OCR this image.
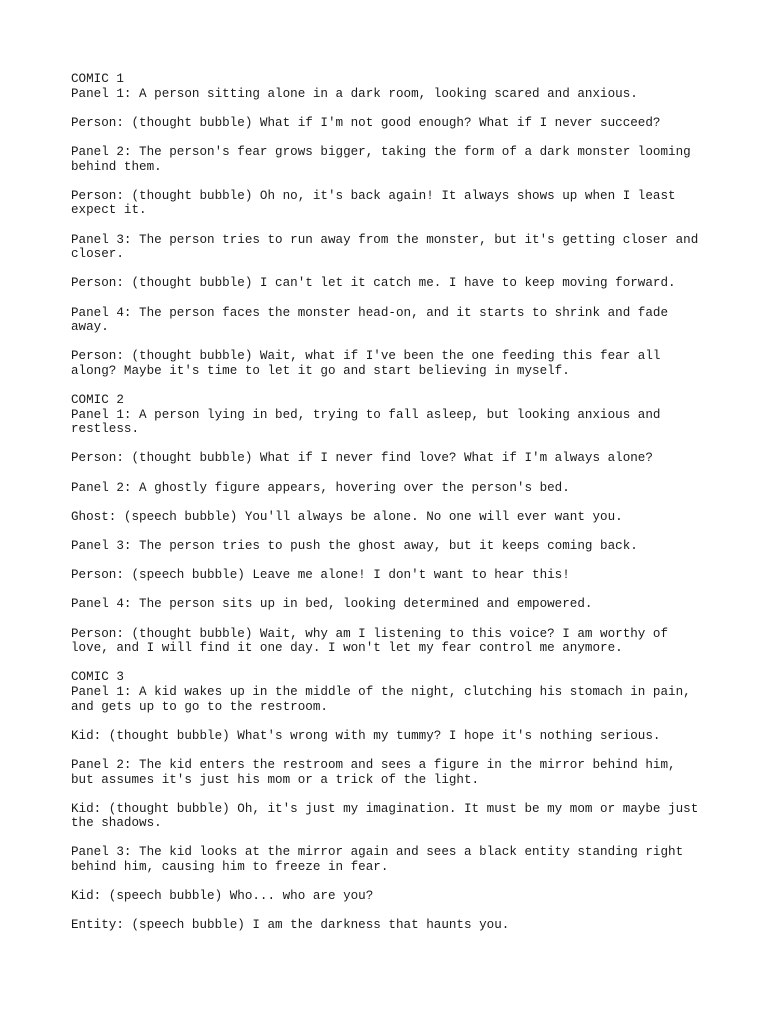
COMIC 1
Panel 1: A person sitting alone in a dark room, looking scared and anxious.
Person: (thought bubble) What if I'm not good enough? What if I never succeed?
Panel 2: The person's fear grows bigger, taking the form of a dark monster looming
behind them.
Person: (thought bubble) Oh no, it's back again! It always shows up when I least
expect it.
Panel 3: The person tries to run away from the monster, but it's getting closer and
closer.
Person: (thought bubble) I can't let it catch me. I have to keep moving forward.
Panel 4: The person faces the monster head-on, and it starts to shrink and fade
away.
Person: (thought bubble) Wait, what if I've been the one feeding this fear all
along? Maybe it's time to let it go and start believing in myself.
COMIC 2
Panel 1: A person lying in bed, trying to fall asleep, but looking anxious and
restless.
Person: (thought bubble) What if I never find love? What if I'm always alone?
Panel 2: A ghostly figure appears, hovering over the person's bed.
Ghost: (speech bubble) You'll always be alone. No one will ever want you.
Panel 3: The person tries to push the ghost away, but it keeps coming back.
Person: (speech bubble) Leave me alone! I don't want to hear this!
Panel 4: The person sits up in bed, looking determined and empowered.
Person: (thought bubble) Wait, why am I listening to this voice? I am worthy of
love, and I will find it one day. I won't let my fear control me anymore.
COMIC 3
Panel 1: A kid wakes up in the middle of the night, clutching his stomach in pain,
and gets up to go to the restroom.
Kid: (thought bubble) What's wrong with my tummy? I hope it's nothing serious.
Panel 2: The kid enters the restroom and sees a figure in the mirror behind him,
but assumes it's just his mom or a trick of the light.
Kid: (thought bubble) Oh, it's just my imagination. It must be my mom or maybe just
the shadows.
Panel 3: The kid looks at the mirror again and sees a black entity standing right
behind him, causing him to freeze in fear.
Kid: (speech bubble) Who... who are you?
Entity: (speech bubble) I am the darkness that haunts you.
